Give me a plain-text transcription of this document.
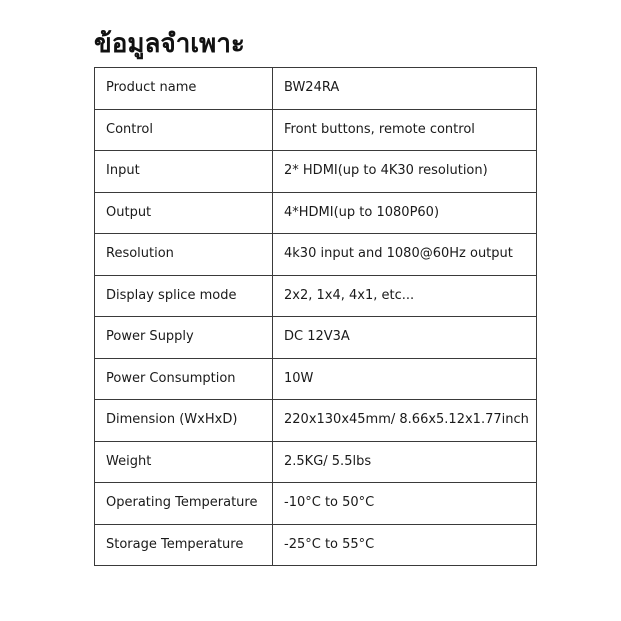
ข้อมูลจำเพาะ
Product name	BW24RA
Control	Front buttons, remote control
Input	2* HDMI(up to 4K30 resolution)
Output	4*HDMI(up to 1080P60)
Resolution	4k30 input and 1080@60Hz output
Display splice mode	2x2, 1x4, 4x1, etc...
Power Supply	DC 12V3A
Power Consumption	10W
Dimension (WxHxD)	220x130x45mm/ 8.66x5.12x1.77inch
Weight	2.5KG/ 5.5lbs
Operating Temperature	-10°C to 50°C
Storage Temperature	-25°C to 55°C
